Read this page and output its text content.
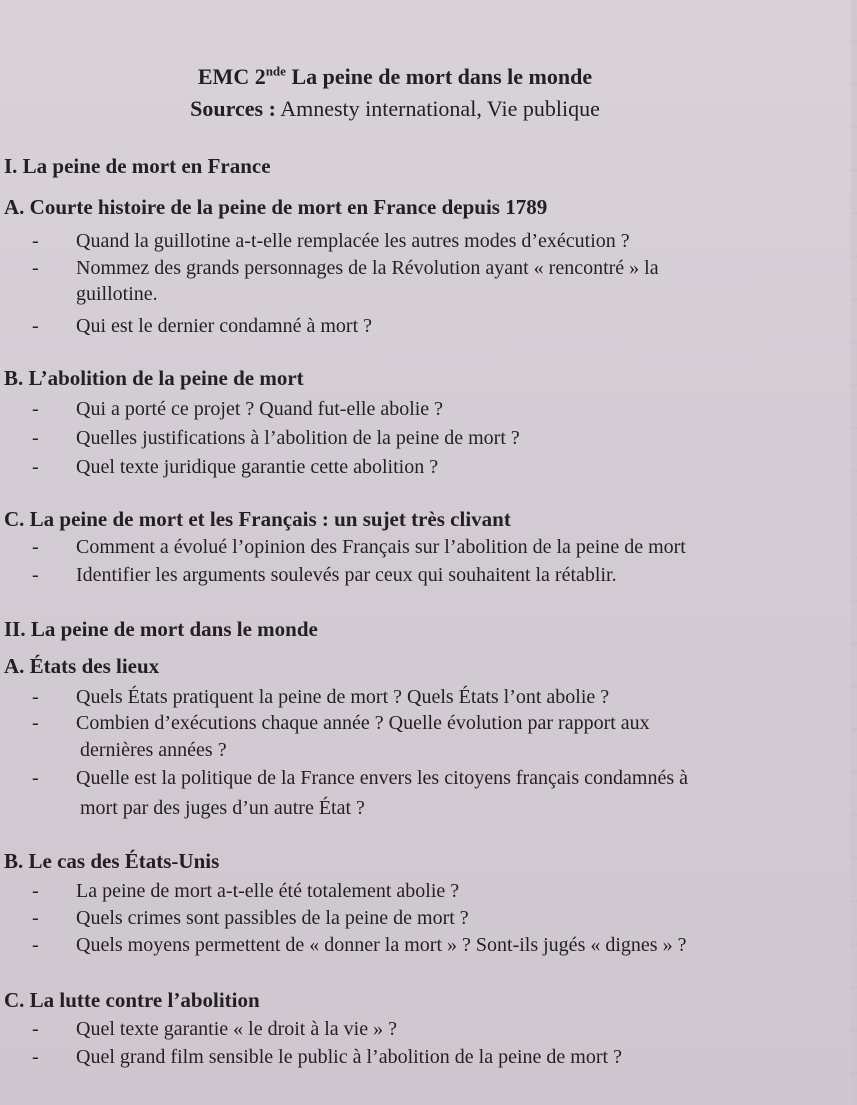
EMC 2nde La peine de mort dans le monde
Sources : Amnesty international, Vie publique
I. La peine de mort en France
A. Courte histoire de la peine de mort en France depuis 1789
- Quand la guillotine a-t-elle remplacée les autres modes d’exécution ?
- Nommez des grands personnages de la Révolution ayant « rencontré » la
guillotine.
- Qui est le dernier condamné à mort ?
B. L’abolition de la peine de mort
- Qui a porté ce projet ? Quand fut-elle abolie ?
- Quelles justifications à l’abolition de la peine de mort ?
- Quel texte juridique garantie cette abolition ?
C. La peine de mort et les Français : un sujet très clivant
- Comment a évolué l’opinion des Français sur l’abolition de la peine de mort
- Identifier les arguments soulevés par ceux qui souhaitent la rétablir.
II. La peine de mort dans le monde
A. États des lieux
- Quels États pratiquent la peine de mort ? Quels États l’ont abolie ?
- Combien d’exécutions chaque année ? Quelle évolution par rapport aux
dernières années ?
- Quelle est la politique de la France envers les citoyens français condamnés à
mort par des juges d’un autre État ?
B. Le cas des États-Unis
- La peine de mort a-t-elle été totalement abolie ?
- Quels crimes sont passibles de la peine de mort ?
- Quels moyens permettent de « donner la mort » ? Sont-ils jugés « dignes » ?
C. La lutte contre l’abolition
- Quel texte garantie « le droit à la vie » ?
- Quel grand film sensible le public à l’abolition de la peine de mort ?
